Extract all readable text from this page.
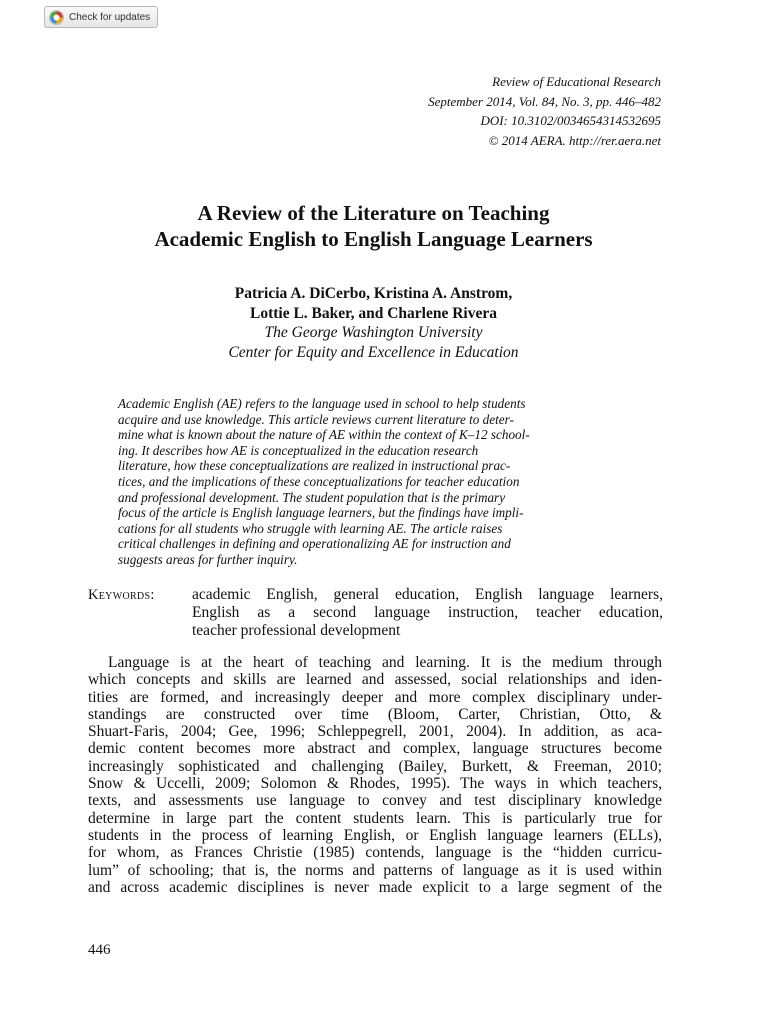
Check for updates
Review of Educational Research
September 2014, Vol. 84, No. 3, pp. 446–482
DOI: 10.3102/0034654314532695
© 2014 AERA. http://rer.aera.net
A Review of the Literature on Teaching
Academic English to English Language Learners
Patricia A. DiCerbo, Kristina A. Anstrom,
Lottie L. Baker, and Charlene Rivera
The George Washington University
Center for Equity and Excellence in Education
Academic English (AE) refers to the language used in school to help students
acquire and use knowledge. This article reviews current literature to deter-
mine what is known about the nature of AE within the context of K–12 school-
ing. It describes how AE is conceptualized in the education research
literature, how these conceptualizations are realized in instructional prac-
tices, and the implications of these conceptualizations for teacher education
and professional development. The student population that is the primary
focus of the article is English language learners, but the findings have impli-
cations for all students who struggle with learning AE. The article raises
critical challenges in defining and operationalizing AE for instruction and
suggests areas for further inquiry.
Keywords: academic English, general education, English language learners,
English as a second language instruction, teacher education,
teacher professional development
Language is at the heart of teaching and learning. It is the medium through
which concepts and skills are learned and assessed, social relationships and iden-
tities are formed, and increasingly deeper and more complex disciplinary under-
standings are constructed over time (Bloom, Carter, Christian, Otto, &
Shuart-Faris, 2004; Gee, 1996; Schleppegrell, 2001, 2004). In addition, as aca-
demic content becomes more abstract and complex, language structures become
increasingly sophisticated and challenging (Bailey, Burkett, & Freeman, 2010;
Snow & Uccelli, 2009; Solomon & Rhodes, 1995). The ways in which teachers,
texts, and assessments use language to convey and test disciplinary knowledge
determine in large part the content students learn. This is particularly true for
students in the process of learning English, or English language learners (ELLs),
for whom, as Frances Christie (1985) contends, language is the “hidden curricu-
lum” of schooling; that is, the norms and patterns of language as it is used within
and across academic disciplines is never made explicit to a large segment of the
446
